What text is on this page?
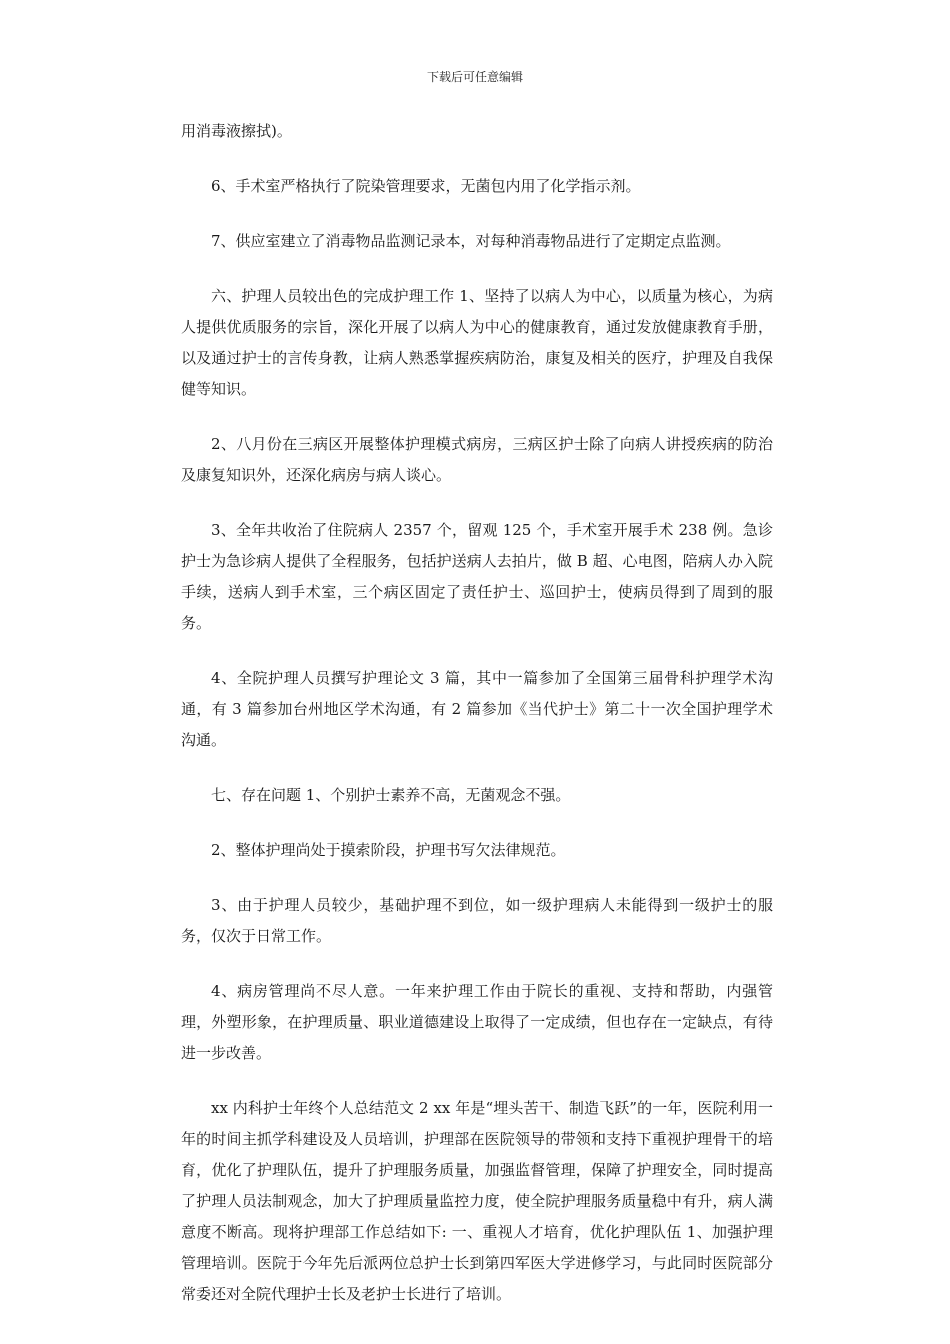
下载后可任意编辑

用消毒液擦拭)。

6、手术室严格执行了院染管理要求，无菌包内用了化学指示剂。

7、供应室建立了消毒物品监测记录本，对每种消毒物品进行了定期定点监测。

六、护理人员较出色的完成护理工作 1、坚持了以病人为中心，以质量为核心，为病人提供优质服务的宗旨，深化开展了以病人为中心的健康教育，通过发放健康教育手册，以及通过护士的言传身教，让病人熟悉掌握疾病防治，康复及相关的医疗，护理及自我保健等知识。

2、八月份在三病区开展整体护理模式病房，三病区护士除了向病人讲授疾病的防治及康复知识外，还深化病房与病人谈心。

3、全年共收治了住院病人 2357 个，留观 125 个，手术室开展手术 238 例。急诊护士为急诊病人提供了全程服务，包括护送病人去拍片，做 B 超、心电图，陪病人办入院手续，送病人到手术室，三个病区固定了责任护士、巡回护士，使病员得到了周到的服务。

4、全院护理人员撰写护理论文 3 篇，其中一篇参加了全国第三届骨科护理学术沟通，有 3 篇参加台州地区学术沟通，有 2 篇参加《当代护士》第二十一次全国护理学术沟通。

七、存在问题 1、个别护士素养不高，无菌观念不强。

2、整体护理尚处于摸索阶段，护理书写欠法律规范。

3、由于护理人员较少，基础护理不到位，如一级护理病人未能得到一级护士的服务，仅次于日常工作。

4、病房管理尚不尽人意。一年来护理工作由于院长的重视、支持和帮助，内强管理，外塑形象，在护理质量、职业道德建设上取得了一定成绩，但也存在一定缺点，有待进一步改善。

xx 内科护士年终个人总结范文 2 xx 年是“埋头苦干、制造飞跃”的一年，医院利用一年的时间主抓学科建设及人员培训，护理部在医院领导的带领和支持下重视护理骨干的培育，优化了护理队伍，提升了护理服务质量，加强监督管理，保障了护理安全，同时提高了护理人员法制观念，加大了护理质量监控力度，使全院护理服务质量稳中有升，病人满意度不断高。现将护理部工作总结如下: 一、重视人才培育，优化护理队伍 1、加强护理管理培训。医院于今年先后派两位总护士长到第四军医大学进修学习，与此同时医院部分常委还对全院代理护士长及老护士长进行了培训。
